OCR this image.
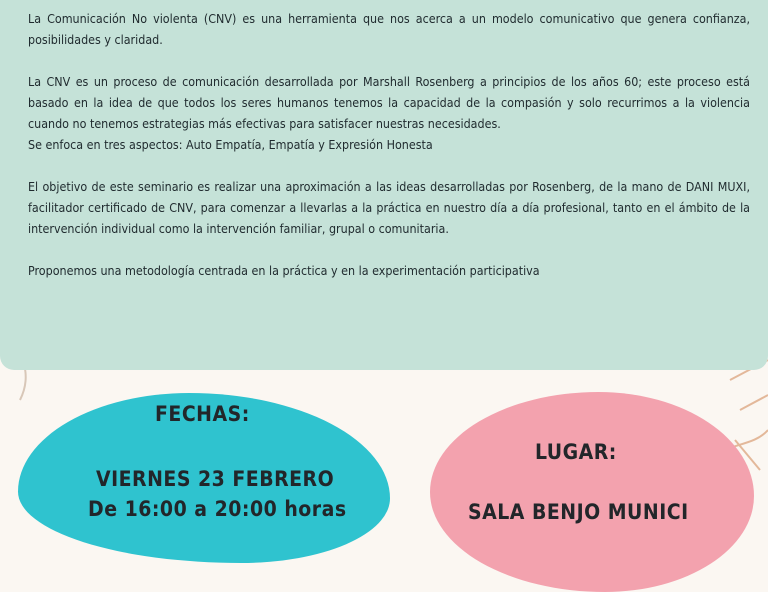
La Comunicación No violenta (CNV) es una herramienta que nos acerca a un modelo comunicativo que genera confianza, posibilidades y claridad.

La CNV es un proceso de comunicación desarrollada por Marshall Rosenberg a principios de los años 60; este proceso está basado en la idea de que todos los seres humanos tenemos la capacidad de la compasión y solo recurrimos a la violencia cuando no tenemos estrategias más efectivas para satisfacer nuestras necesidades.

Se enfoca en tres aspectos: Auto Empatía, Empatía y Expresión Honesta

El objetivo de este seminario es realizar una aproximación a las ideas desarrolladas por Rosenberg, de la mano de DANI MUXI, facilitador certificado de CNV, para comenzar a llevarlas a la práctica en nuestro día a día profesional, tanto en el ámbito de la intervención individual como la intervención familiar, grupal o comunitaria.

Proponemos una metodología centrada en la práctica y en la experimentación participativa

FECHAS:
VIERNES 23 FEBRERO
De 16:00 a 20:00 horas
LUGAR:
SALA BENJO MUNICI
